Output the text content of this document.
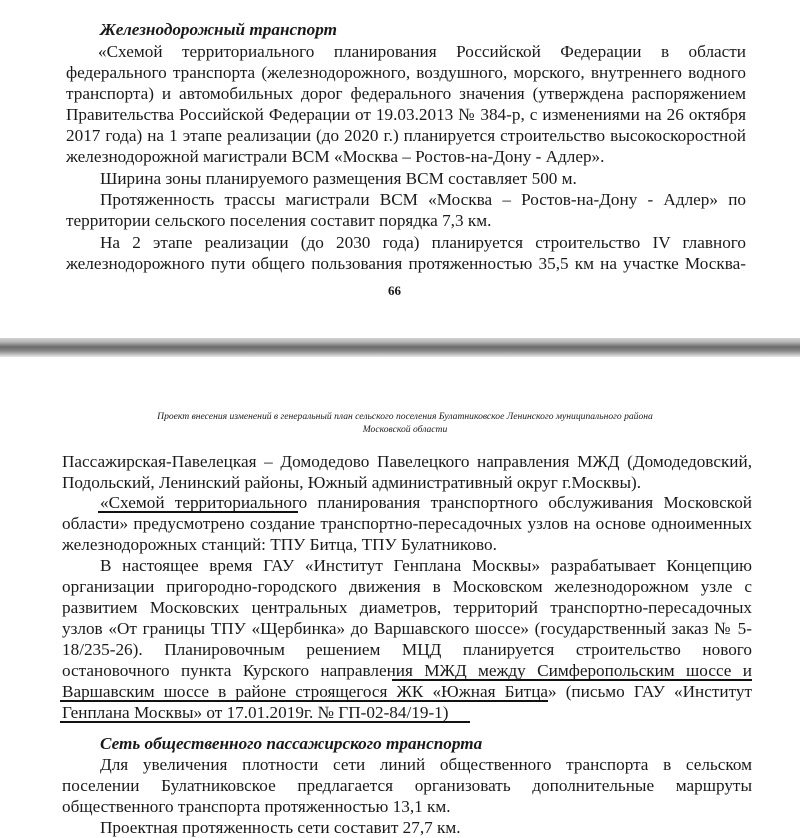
Железнодорожный транспорт
«Схемой территориального планирования Российской Федерации в области
федерального транспорта (железнодорожного, воздушного, морского, внутреннего водного
транспорта) и автомобильных дорог федерального значения (утверждена распоряжением
Правительства Российской Федерации от 19.03.2013 № 384-р, с изменениями на 26 октября
2017 года) на 1 этапе реализации (до 2020 г.) планируется строительство высокоскоростной
железнодорожной магистрали ВСМ «Москва – Ростов-на-Дону - Адлер».
Ширина зоны планируемого размещения ВСМ составляет 500 м.
Протяженность трассы магистрали ВСМ «Москва – Ростов-на-Дону - Адлер» по
территории сельского поселения составит порядка 7,3 км.
На 2 этапе реализации (до 2030 года) планируется строительство IV главного
железнодорожного пути общего пользования протяженностью 35,5 км на участке Москва-
66
Проект внесения изменений в генеральный план сельского поселения Булатниковское Ленинского муниципального района
Московской области
Пассажирская-Павелецкая – Домодедово Павелецкого направления МЖД (Домодедовский,
Подольский, Ленинский районы, Южный административный округ г.Москвы).
«Схемой территориального планирования транспортного обслуживания Московской
области» предусмотрено создание транспортно-пересадочных узлов на основе одноименных
железнодорожных станций: ТПУ Битца, ТПУ Булатниково.
В настоящее время ГАУ «Институт Генплана Москвы» разрабатывает Концепцию
организации пригородно-городского движения в Московском железнодорожном узле с
развитием Московских центральных диаметров, территорий транспортно-пересадочных
узлов «От границы ТПУ «Щербинка» до Варшавского шоссе» (государственный заказ № 5-
18/235-26). Планировочным решением МЦД планируется строительство нового
остановочного пункта Курского направления МЖД между Симферопольским шоссе и
Варшавским шоссе в районе строящегося ЖК «Южная Битца» (письмо ГАУ «Институт
Генплана Москвы» от 17.01.2019г. № ГП-02-84/19-1)
Сеть общественного пассажирского транспорта
Для увеличения плотности сети линий общественного транспорта в сельском
поселении Булатниковское предлагается организовать дополнительные маршруты
общественного транспорта протяженностью 13,1 км.
Проектная протяженность сети составит 27,7 км.
